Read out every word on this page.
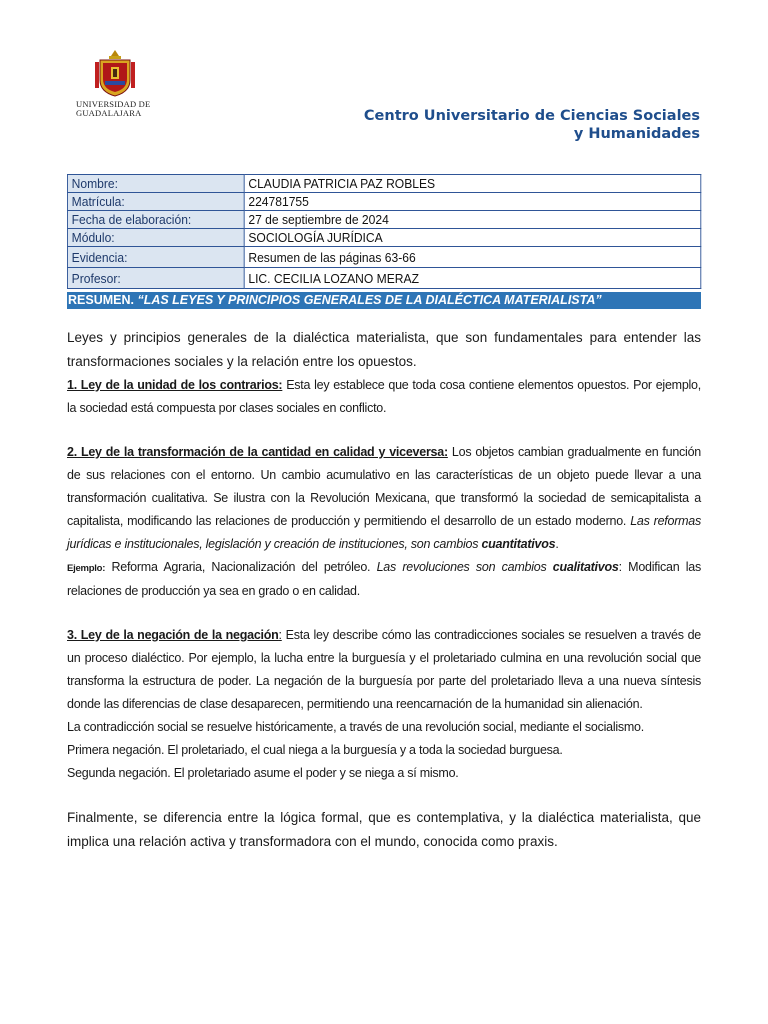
UNIVERSIDAD DE
GUADALAJARA	Centro Universitario de Ciencias Sociales
y Humanidades
Nombre:	CLAUDIA PATRICIA PAZ ROBLES
Matrícula:	224781755
Fecha de elaboración:	27 de septiembre de 2024
Módulo:	SOCIOLOGÍA JURÍDICA
Evidencia:	Resumen de las páginas 63-66
Profesor:	LIC. CECILIA LOZANO MERAZ
RESUMEN. “LAS LEYES Y PRINCIPIOS GENERALES DE LA DIALÉCTICA MATERIALISTA”

Leyes y principios generales de la dialéctica materialista, que son fundamentales para entender las transformaciones sociales y la relación entre los opuestos.

1. Ley de la unidad de los contrarios: Esta ley establece que toda cosa contiene elementos opuestos. Por ejemplo, la sociedad está compuesta por clases sociales en conflicto.

2. Ley de la transformación de la cantidad en calidad y viceversa: Los objetos cambian gradualmente en función de sus relaciones con el entorno. Un cambio acumulativo en las características de un objeto puede llevar a una transformación cualitativa. Se ilustra con la Revolución Mexicana, que transformó la sociedad de semicapitalista a capitalista, modificando las relaciones de producción y permitiendo el desarrollo de un estado moderno. Las reformas jurídicas e institucionales, legislación y creación de instituciones, son cambios cuantitativos.

Ejemplo: Reforma Agraria, Nacionalización del petróleo. Las revoluciones son cambios cualitativos: Modifican las relaciones de producción ya sea en grado o en calidad.

3. Ley de la negación de la negación: Esta ley describe cómo las contradicciones sociales se resuelven a través de un proceso dialéctico. Por ejemplo, la lucha entre la burguesía y el proletariado culmina en una revolución social que transforma la estructura de poder. La negación de la burguesía por parte del proletariado lleva a una nueva síntesis donde las diferencias de clase desaparecen, permitiendo una reencarnación de la humanidad sin alienación.

La contradicción social se resuelve históricamente, a través de una revolución social, mediante el socialismo.

Primera negación. El proletariado, el cual niega a la burguesía y a toda la sociedad burguesa.

Segunda negación. El proletariado asume el poder y se niega a sí mismo.

Finalmente, se diferencia entre la lógica formal, que es contemplativa, y la dialéctica materialista, que implica una relación activa y transformadora con el mundo, conocida como praxis.
